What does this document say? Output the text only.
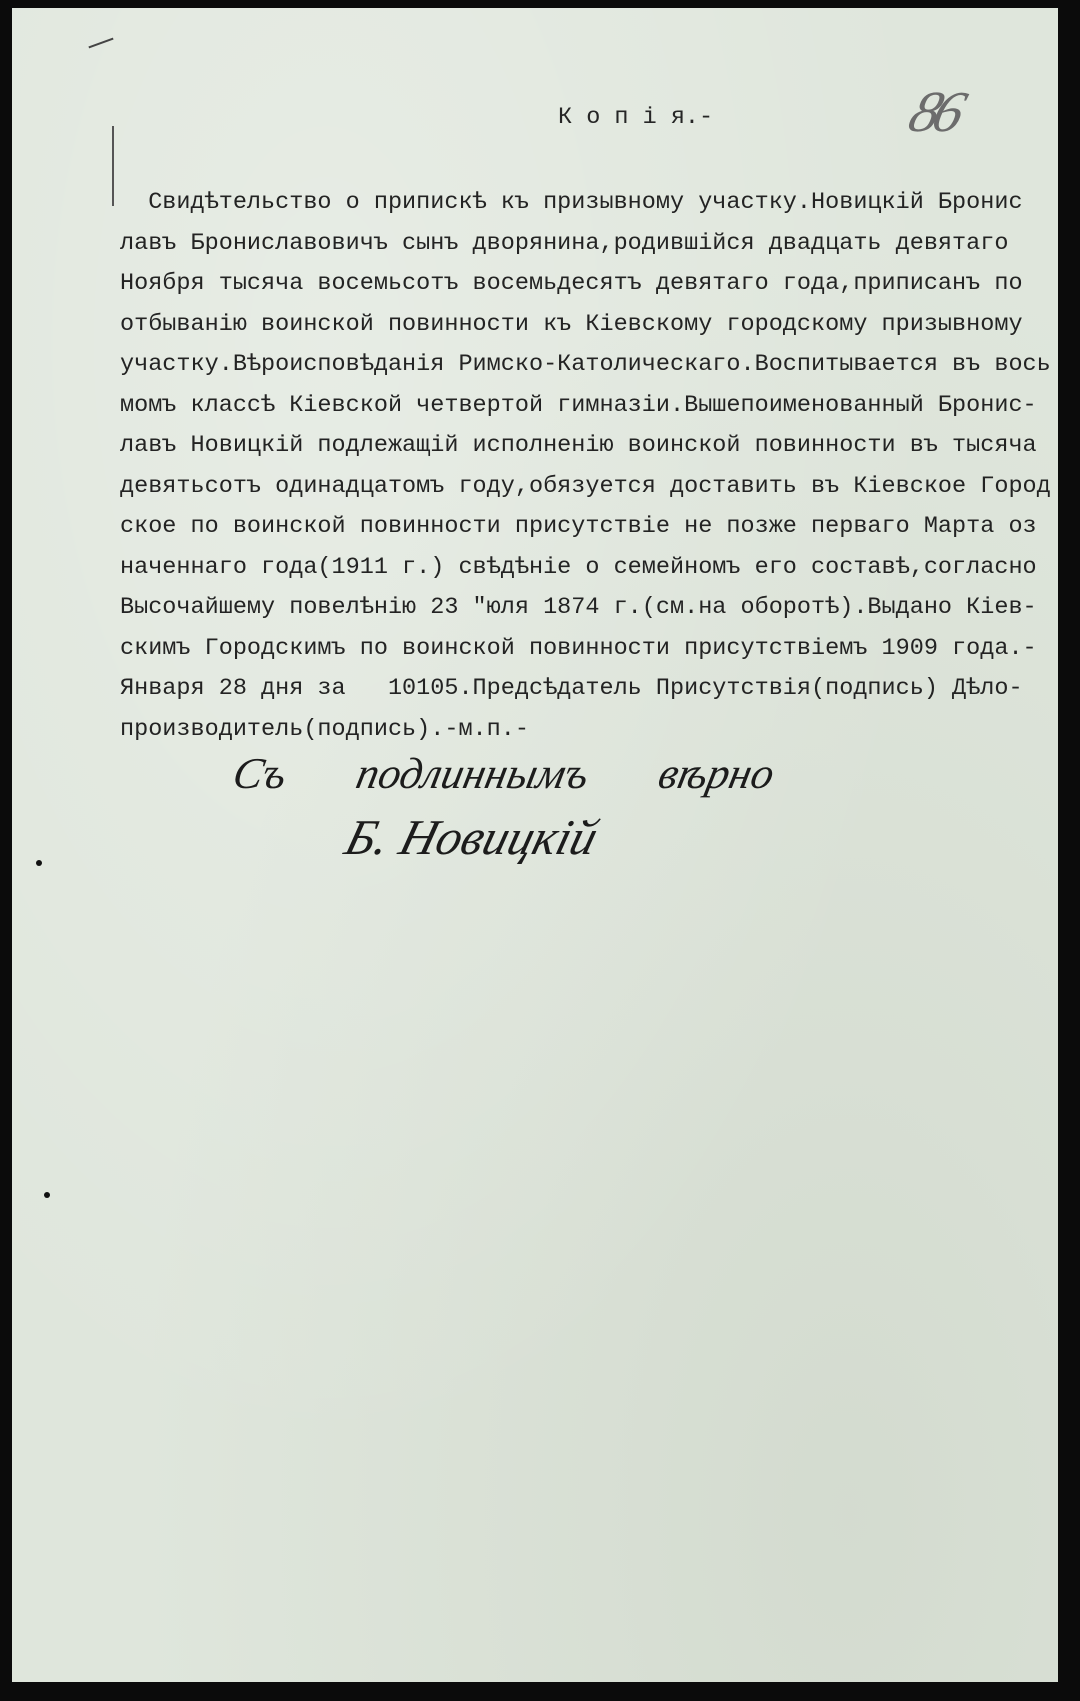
К о п і я.-	86
Свидѣтельство о припискѣ къ призывному участку.Новицкій Бронис
лавъ Брониславовичъ сынъ дворянина,родившійся двадцать девятаго
Ноября тысяча восемьсотъ восемьдесятъ девятаго года,приписанъ по
отбыванію воинской повинности къ Кіевскому городскому призывному
участку.Вѣроисповѣданія Римско-Католическаго.Воспитывается въ вось
момъ классѣ Кіевской четвертой гимназіи.Вышепоименованный Бронис-
лавъ Новицкій подлежащій исполненію воинской повинности въ тысяча
девятьсотъ одинадцатомъ году,обязуется доставить въ Кіевское Город
ское по воинской повинности присутствіе не позже перваго Марта оз
наченнаго года(1911 г.) свѣдѣніе о семейномъ его составѣ,согласно
Высочайшему повелѣнію 23 "юля 1874 г.(см.на оборотѣ).Выдано Кіев-
скимъ Городскимъ по воинской повинности присутствіемъ 1909 года.-
Января 28 дня за   10105.Предсѣдатель Присутствія(подпись) Дѣло-
производитель(подпись).-м.п.-
Съ подлиннымъ вѣрно
Б. Новицкій
